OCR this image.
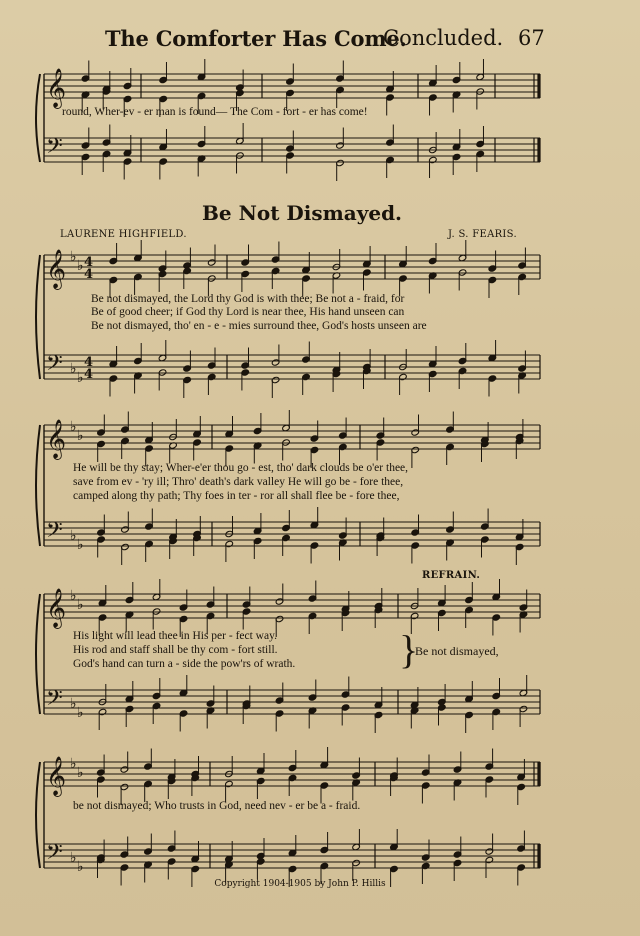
𝄞
𝄢
𝄞
𝄢
♭
♭
♭
♭
4
4
4
4
𝄞
𝄢
♭
♭
♭
♭
𝄞
𝄢
♭
♭
♭
♭
𝄞
𝄢
♭
♭
♭
♭
The Comforter Has Come.
Concluded. 67
round, Wher-ev - er man is found— The Com - fort - er has come!
Be Not Dismayed.
LAURENE HIGHFIELD.	J. S. FEARIS.
Be not dismayed, the Lord thy God is with thee; Be not a - fraid, for
Be of good cheer; if God thy Lord is near thee, His hand unseen can
Be not dismayed, tho' en - e - mies surround thee, God's hosts unseen are
He will be thy stay; Wher-e'er thou go - est, tho' dark clouds be o'er thee,
save from ev - 'ry ill; Thro' death's dark valley He will go be - fore thee,
camped along thy path; Thy foes in ter - ror all shall flee be - fore thee,
REFRAIN.
His light will lead thee in His per - fect way.
His rod and staff shall be thy com - fort still.
God's hand can turn a - side the pow'rs of wrath.	}
Be not dismayed,
be not dismayed; Who trusts in God, need nev - er be a - fraid.
Copyright 1904-1905 by John P. Hillis
